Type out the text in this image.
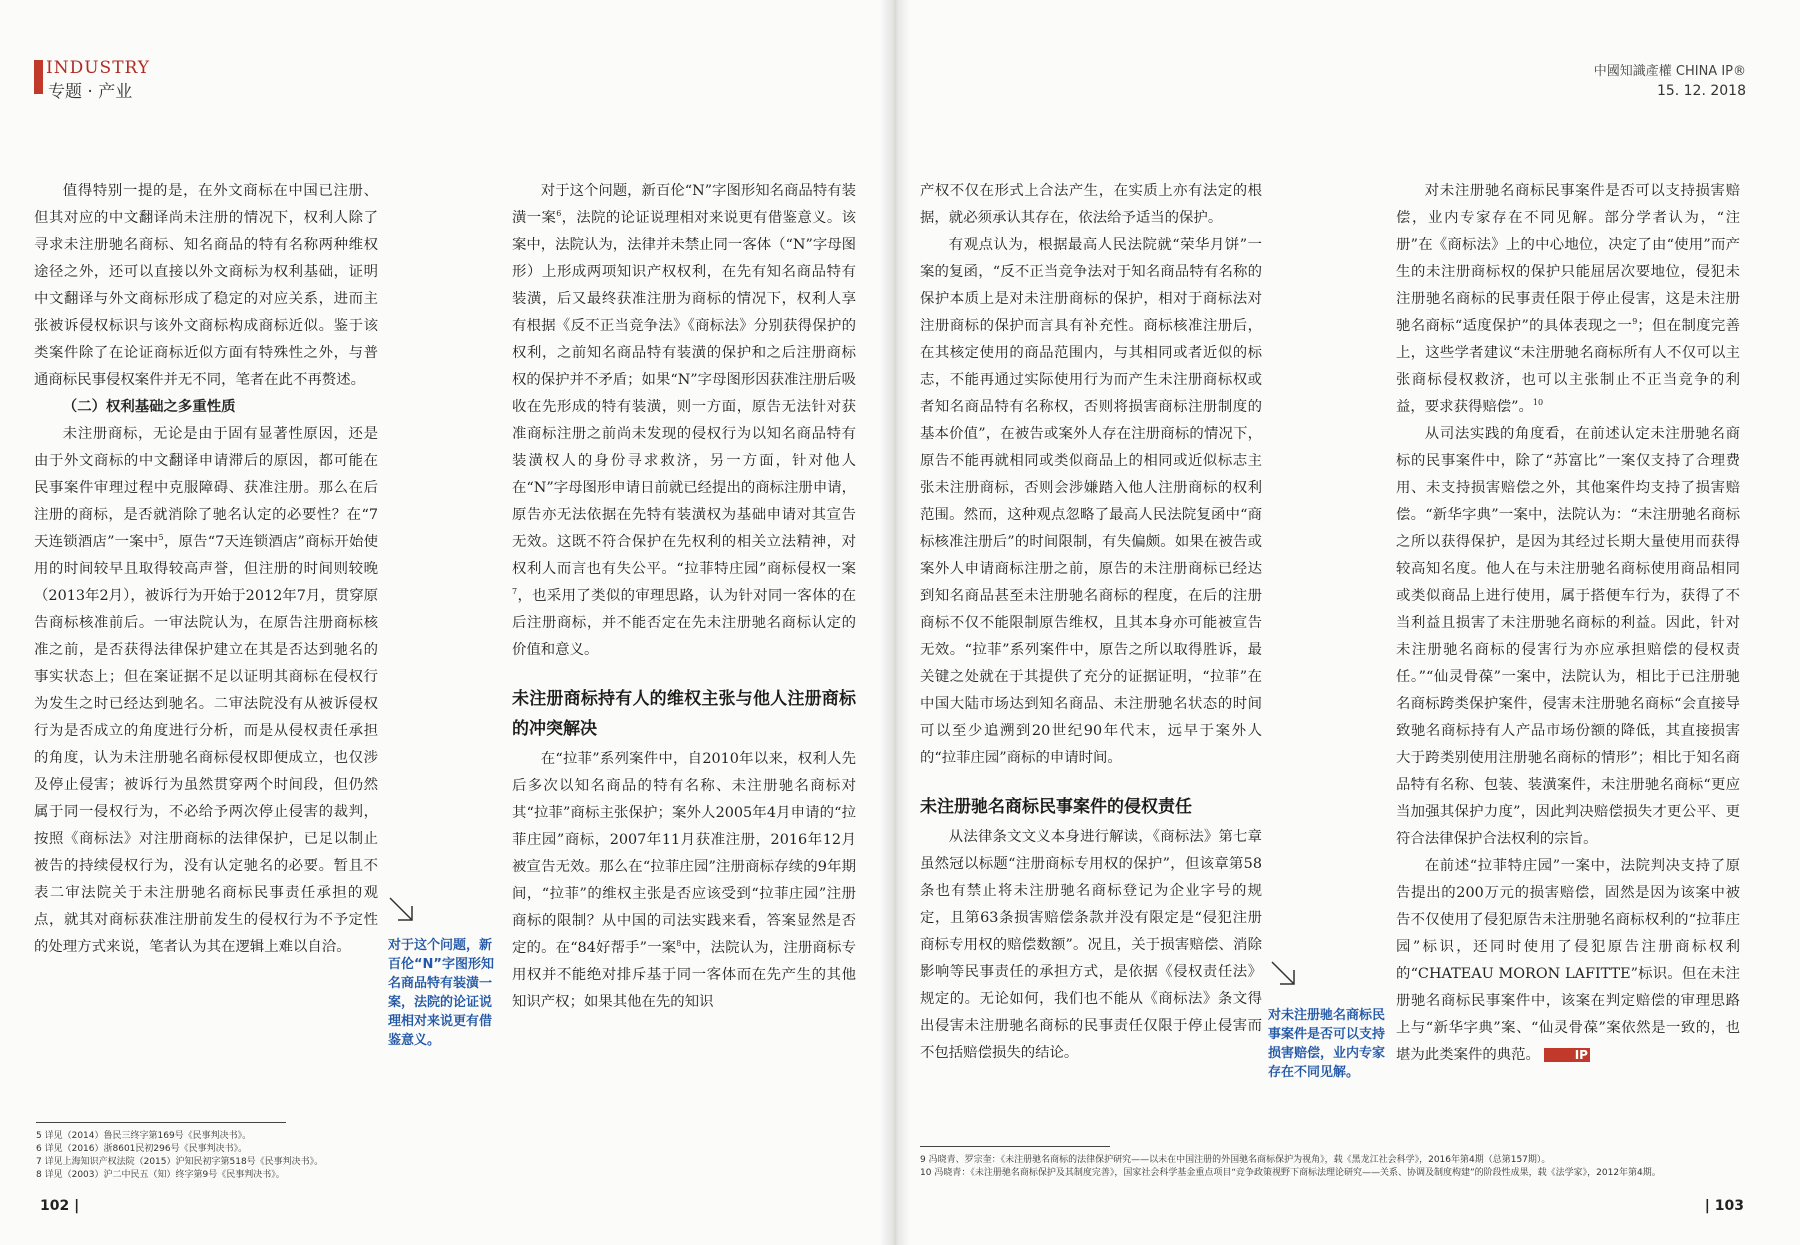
INDUSTRY
专题 · 产业

值得特别一提的是，在外文商标在中国已注册、但其对应的中文翻译尚未注册的情况下，权利人除了寻求未注册驰名商标、知名商品的特有名称两种维权途径之外，还可以直接以外文商标为权利基础，证明中文翻译与外文商标形成了稳定的对应关系，进而主张被诉侵权标识与该外文商标构成商标近似。鉴于该类案件除了在论证商标近似方面有特殊性之外，与普通商标民事侵权案件并无不同，笔者在此不再赘述。

（二）权利基础之多重性质

未注册商标，无论是由于固有显著性原因，还是由于外文商标的中文翻译申请滞后的原因，都可能在民事案件审理过程中克服障碍、获准注册。那么在后注册的商标，是否就消除了驰名认定的必要性？在“7天连锁酒店”一案中$^5$，原告“7天连锁酒店”商标开始使用的时间较早且取得较高声誉，但注册的时间则较晚（2013年2月），被诉行为开始于2012年7月，贯穿原告商标核准前后。一审法院认为，在原告注册商标核准之前，是否获得法律保护建立在其是否达到驰名的事实状态上；但在案证据不足以证明其商标在侵权行为发生之时已经达到驰名。二审法院没有从被诉侵权行为是否成立的角度进行分析，而是从侵权责任承担的角度，认为未注册驰名商标侵权即便成立，也仅涉及停止侵害；被诉行为虽然贯穿两个时间段，但仍然属于同一侵权行为，不必给予两次停止侵害的裁判，按照《商标法》对注册商标的法律保护，已足以制止被告的持续侵权行为，没有认定驰名的必要。暂且不表二审法院关于未注册驰名商标民事责任承担的观点，就其对商标获准注册前发生的侵权行为不予定性的处理方式来说，笔者认为其在逻辑上难以自洽。

对于这个问题，新百伦“N”字图形知名商品特有装潢一案$^6$，法院的论证说理相对来说更有借鉴意义。该案中，法院认为，法律并未禁止同一客体（“N”字母图形）上形成两项知识产权权利，在先有知名商品特有装潢，后又最终获准注册为商标的情况下，权利人享有根据《反不正当竞争法》《商标法》分别获得保护的权利，之前知名商品特有装潢的保护和之后注册商标权的保护并不矛盾；如果“N”字母图形因获准注册后吸收在先形成的特有装潢，则一方面，原告无法针对获准商标注册之前尚未发现的侵权行为以知名商品特有装潢权人的身份寻求救济，另一方面，针对他人在“N”字母图形申请日前就已经提出的商标注册申请，原告亦无法依据在先特有装潢权为基础申请对其宣告无效。这既不符合保护在先权利的相关立法精神，对权利人而言也有失公平。“拉菲特庄园”商标侵权一案$^7$，也采用了类似的审理思路，认为针对同一客体的在后注册商标，并不能否定在先未注册驰名商标认定的价值和意义。

未注册商标持有人的维权主张与他人注册商标的冲突解决

在“拉菲”系列案件中，自2010年以来，权利人先后多次以知名商品的特有名称、未注册驰名商标对其“拉菲”商标主张保护；案外人2005年4月申请的“拉菲庄园”商标，2007年11月获准注册，2016年12月被宣告无效。那么在“拉菲庄园”注册商标存续的9年期间，“拉菲”的维权主张是否应该受到“拉菲庄园”注册商标的限制？从中国的司法实践来看，答案显然是否定的。在“84好帮手”一案$^8$中，法院认为，注册商标专用权并不能绝对排斥基于同一客体而在先产生的其他知识产权；如果其他在先的知识

对于这个问题，新百伦“N”字图形知名商品特有装潢一案，法院的论证说理相对来说更有借鉴意义。
5 详见（2014）鲁民三终字第169号《民事判决书》。
6 详见（2016）浙8601民初296号《民事判决书》。
7 详见上海知识产权法院（2015）沪知民初字第518号《民事判决书》。
8 详见（2003）沪二中民五（知）终字第9号《民事判决书》。
102 |
中國知識產權 CHINA IP®
15. 12. 2018

产权不仅在形式上合法产生，在实质上亦有法定的根据，就必须承认其存在，依法给予适当的保护。

有观点认为，根据最高人民法院就“荣华月饼”一案的复函，“反不正当竞争法对于知名商品特有名称的保护本质上是对未注册商标的保护，相对于商标法对注册商标的保护而言具有补充性。商标核准注册后，在其核定使用的商品范围内，与其相同或者近似的标志，不能再通过实际使用行为而产生未注册商标权或者知名商品特有名称权，否则将损害商标注册制度的基本价值”，在被告或案外人存在注册商标的情况下，原告不能再就相同或类似商品上的相同或近似标志主张未注册商标，否则会涉嫌踏入他人注册商标的权利范围。然而，这种观点忽略了最高人民法院复函中“商标核准注册后”的时间限制，有失偏颇。如果在被告或案外人申请商标注册之前，原告的未注册商标已经达到知名商品甚至未注册驰名商标的程度，在后的注册商标不仅不能限制原告维权，且其本身亦可能被宣告无效。“拉菲”系列案件中，原告之所以取得胜诉，最关键之处就在于其提供了充分的证据证明，“拉菲”在中国大陆市场达到知名商品、未注册驰名状态的时间可以至少追溯到20世纪90年代末，远早于案外人的“拉菲庄园”商标的申请时间。

未注册驰名商标民事案件的侵权责任

从法律条文文义本身进行解读，《商标法》第七章虽然冠以标题“注册商标专用权的保护”，但该章第58条也有禁止将未注册驰名商标登记为企业字号的规定，且第63条损害赔偿条款并没有限定是“侵犯注册商标专用权的赔偿数额”。况且，关于损害赔偿、消除影响等民事责任的承担方式，是依据《侵权责任法》规定的。无论如何，我们也不能从《商标法》条文得出侵害未注册驰名商标的民事责任仅限于停止侵害而不包括赔偿损失的结论。

对未注册驰名商标民事案件是否可以支持损害赔偿，业内专家存在不同见解。

对未注册驰名商标民事案件是否可以支持损害赔偿，业内专家存在不同见解。部分学者认为，“注册”在《商标法》上的中心地位，决定了由“使用”而产生的未注册商标权的保护只能屈居次要地位，侵犯未注册驰名商标的民事责任限于停止侵害，这是未注册驰名商标“适度保护”的具体表现之一$^9$；但在制度完善上，这些学者建议“未注册驰名商标所有人不仅可以主张商标侵权救济，也可以主张制止不正当竞争的利益，要求获得赔偿”。$^{10}$

从司法实践的角度看，在前述认定未注册驰名商标的民事案件中，除了“苏富比”一案仅支持了合理费用、未支持损害赔偿之外，其他案件均支持了损害赔偿。“新华字典”一案中，法院认为：“未注册驰名商标之所以获得保护，是因为其经过长期大量使用而获得较高知名度。他人在与未注册驰名商标使用商品相同或类似商品上进行使用，属于搭便车行为，获得了不当利益且损害了未注册驰名商标的利益。因此，针对未注册驰名商标的侵害行为亦应承担赔偿的侵权责任。”“仙灵骨葆”一案中，法院认为，相比于已注册驰名商标跨类保护案件，侵害未注册驰名商标“会直接导致驰名商标持有人产品市场份额的降低，其直接损害大于跨类别使用注册驰名商标的情形”；相比于知名商品特有名称、包装、装潢案件，未注册驰名商标“更应当加强其保护力度”，因此判决赔偿损失才更公平、更符合法律保护合法权利的宗旨。

在前述“拉菲特庄园”一案中，法院判决支持了原告提出的200万元的损害赔偿，固然是因为该案中被告不仅使用了侵犯原告未注册驰名商标权利的“拉菲庄园”标识，还同时使用了侵犯原告注册商标权利的“CHATEAU MORON LAFITTE”标识。但在未注册驰名商标民事案件中，该案在判定赔偿的审理思路上与“新华字典”案、“仙灵骨葆”案依然是一致的，也堪为此类案件的典范。	IP

9 冯晓青、罗宗奎：《未注册驰名商标的法律保护研究——以未在中国注册的外国驰名商标保护为视角》，载《黑龙江社会科学》，2016年第4期（总第157期）。
10 冯晓青：《未注册驰名商标保护及其制度完善》，国家社会科学基金重点项目“竞争政策视野下商标法理论研究——关系、协调及制度构建”的阶段性成果，载《法学家》，2012年第4期。
| 103
